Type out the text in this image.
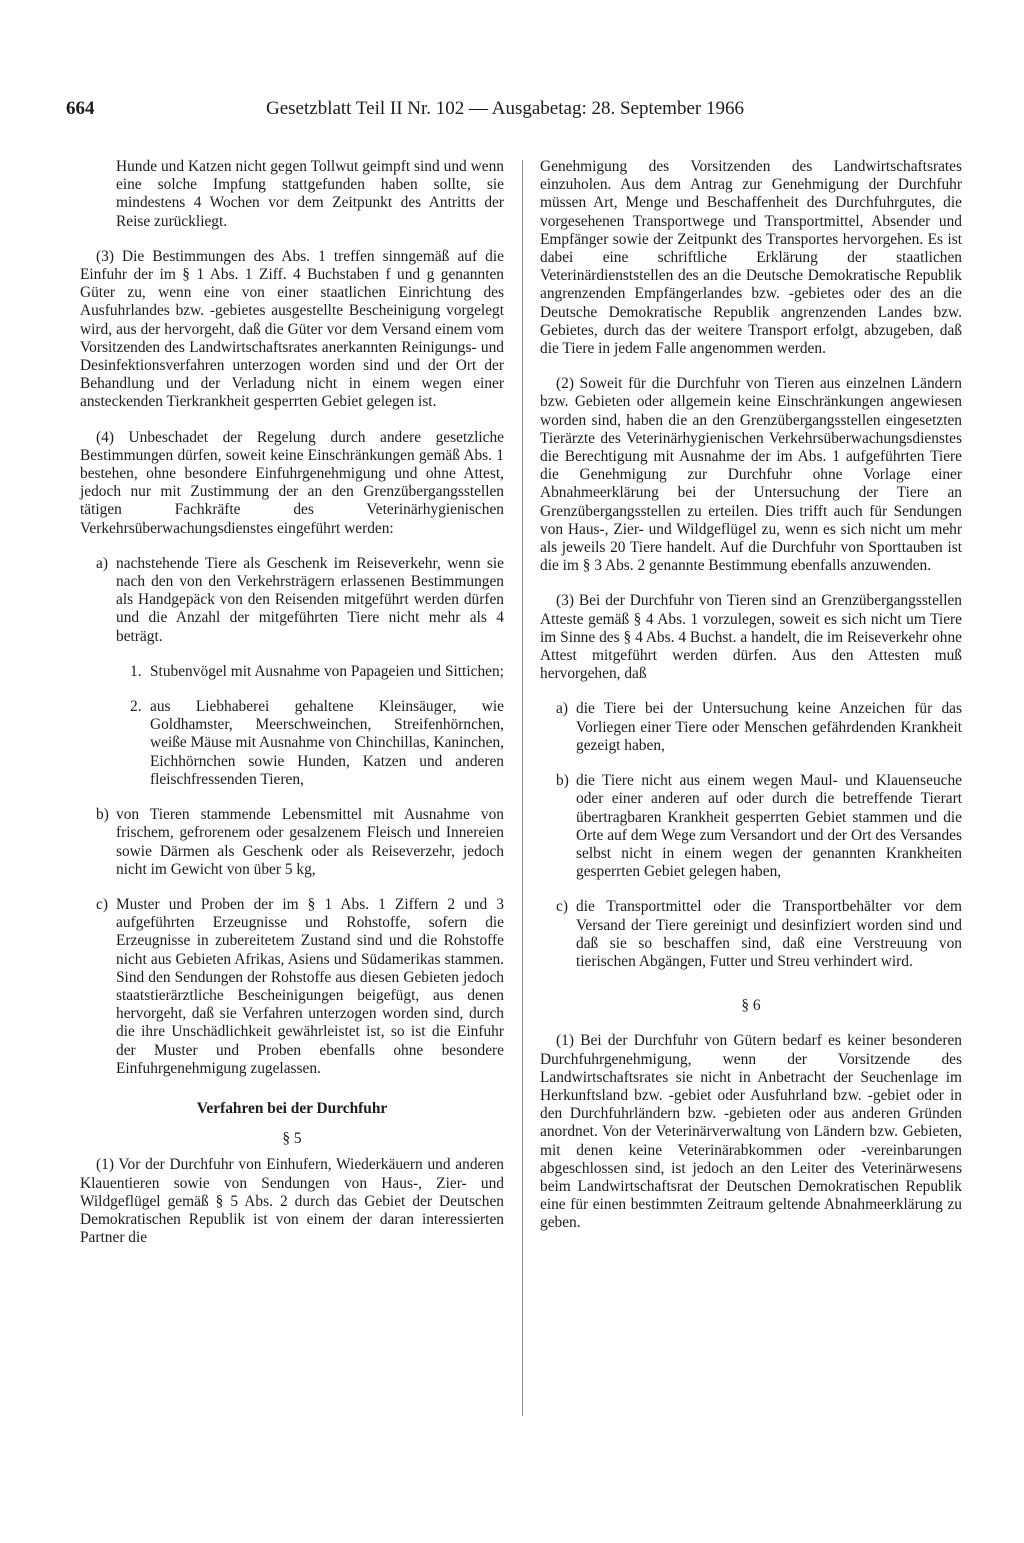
664	Gesetzblatt Teil II Nr. 102 — Ausgabetag: 28. September 1966

Hunde und Katzen nicht gegen Tollwut geimpft sind und wenn eine solche Impfung stattgefunden haben sollte, sie mindestens 4 Wochen vor dem Zeitpunkt des Antritts der Reise zurückliegt.

(3) Die Bestimmungen des Abs. 1 treffen sinngemäß auf die Einfuhr der im § 1 Abs. 1 Ziff. 4 Buchstaben f und g genannten Güter zu, wenn eine von einer staatlichen Einrichtung des Ausfuhrlandes bzw. -gebietes ausgestellte Bescheinigung vorgelegt wird, aus der hervorgeht, daß die Güter vor dem Versand einem vom Vorsitzenden des Landwirtschaftsrates anerkannten Reinigungs- und Desinfektionsverfahren unterzogen worden sind und der Ort der Behandlung und der Verladung nicht in einem wegen einer ansteckenden Tierkrankheit gesperrten Gebiet gelegen ist.

(4) Unbeschadet der Regelung durch andere gesetzliche Bestimmungen dürfen, soweit keine Einschränkungen gemäß Abs. 1 bestehen, ohne besondere Einfuhrgenehmigung und ohne Attest, jedoch nur mit Zustimmung der an den Grenzübergangsstellen tätigen Fachkräfte des Veterinärhygienischen Verkehrsüberwachungsdienstes eingeführt werden:

a) nachstehende Tiere als Geschenk im Reiseverkehr, wenn sie nach den von den Verkehrsträgern erlassenen Bestimmungen als Handgepäck von den Reisenden mitgeführt werden dürfen und die Anzahl der mitgeführten Tiere nicht mehr als 4 beträgt.
1. Stubenvögel mit Ausnahme von Papageien und Sittichen;
2. aus Liebhaberei gehaltene Kleinsäuger, wie Goldhamster, Meerschweinchen, Streifenhörnchen, weiße Mäuse mit Ausnahme von Chinchillas, Kaninchen, Eichhörnchen sowie Hunden, Katzen und anderen fleischfressenden Tieren,
b) von Tieren stammende Lebensmittel mit Ausnahme von frischem, gefrorenem oder gesalzenem Fleisch und Innereien sowie Därmen als Geschenk oder als Reiseverzehr, jedoch nicht im Gewicht von über 5 kg,
c) Muster und Proben der im § 1 Abs. 1 Ziffern 2 und 3 aufgeführten Erzeugnisse und Rohstoffe, sofern die Erzeugnisse in zubereitetem Zustand sind und die Rohstoffe nicht aus Gebieten Afrikas, Asiens und Südamerikas stammen. Sind den Sendungen der Rohstoffe aus diesen Gebieten jedoch staatstierärztliche Bescheinigungen beigefügt, aus denen hervorgeht, daß sie Verfahren unterzogen worden sind, durch die ihre Unschädlichkeit gewährleistet ist, so ist die Einfuhr der Muster und Proben ebenfalls ohne besondere Einfuhrgenehmigung zugelassen.
Verfahren bei der Durchfuhr
§ 5

(1) Vor der Durchfuhr von Einhufern, Wiederkäuern und anderen Klauentieren sowie von Sendungen von Haus-, Zier- und Wildgeflügel gemäß § 5 Abs. 2 durch das Gebiet der Deutschen Demokratischen Republik ist von einem der daran interessierten Partner die

Genehmigung des Vorsitzenden des Landwirtschaftsrates einzuholen. Aus dem Antrag zur Genehmigung der Durchfuhr müssen Art, Menge und Beschaffenheit des Durchfuhrgutes, die vorgesehenen Transportwege und Transportmittel, Absender und Empfänger sowie der Zeitpunkt des Transportes hervorgehen. Es ist dabei eine schriftliche Erklärung der staatlichen Veterinärdienststellen des an die Deutsche Demokratische Republik angrenzenden Empfängerlandes bzw. -gebietes oder des an die Deutsche Demokratische Republik angrenzenden Landes bzw. Gebietes, durch das der weitere Transport erfolgt, abzugeben, daß die Tiere in jedem Falle angenommen werden.

(2) Soweit für die Durchfuhr von Tieren aus einzelnen Ländern bzw. Gebieten oder allgemein keine Einschränkungen angewiesen worden sind, haben die an den Grenzübergangsstellen eingesetzten Tierärzte des Veterinärhygienischen Verkehrsüberwachungsdienstes die Berechtigung mit Ausnahme der im Abs. 1 aufgeführten Tiere die Genehmigung zur Durchfuhr ohne Vorlage einer Abnahmeerklärung bei der Untersuchung der Tiere an Grenzübergangsstellen zu erteilen. Dies trifft auch für Sendungen von Haus-, Zier- und Wildgeflügel zu, wenn es sich nicht um mehr als jeweils 20 Tiere handelt. Auf die Durchfuhr von Sporttauben ist die im § 3 Abs. 2 genannte Bestimmung ebenfalls anzuwenden.

(3) Bei der Durchfuhr von Tieren sind an Grenzübergangsstellen Atteste gemäß § 4 Abs. 1 vorzulegen, soweit es sich nicht um Tiere im Sinne des § 4 Abs. 4 Buchst. a handelt, die im Reiseverkehr ohne Attest mitgeführt werden dürfen. Aus den Attesten muß hervorgehen, daß

a) die Tiere bei der Untersuchung keine Anzeichen für das Vorliegen einer Tiere oder Menschen gefährdenden Krankheit gezeigt haben,
b) die Tiere nicht aus einem wegen Maul- und Klauenseuche oder einer anderen auf oder durch die betreffende Tierart übertragbaren Krankheit gesperrten Gebiet stammen und die Orte auf dem Wege zum Versandort und der Ort des Versandes selbst nicht in einem wegen der genannten Krankheiten gesperrten Gebiet gelegen haben,
c) die Transportmittel oder die Transportbehälter vor dem Versand der Tiere gereinigt und desinfiziert worden sind und daß sie so beschaffen sind, daß eine Verstreuung von tierischen Abgängen, Futter und Streu verhindert wird.
§ 6

(1) Bei der Durchfuhr von Gütern bedarf es keiner besonderen Durchfuhrgenehmigung, wenn der Vorsitzende des Landwirtschaftsrates sie nicht in Anbetracht der Seuchenlage im Herkunftsland bzw. -gebiet oder Ausfuhrland bzw. -gebiet oder in den Durchfuhrländern bzw. -gebieten oder aus anderen Gründen anordnet. Von der Veterinärverwaltung von Ländern bzw. Gebieten, mit denen keine Veterinärabkommen oder -vereinbarungen abgeschlossen sind, ist jedoch an den Leiter des Veterinärwesens beim Landwirtschaftsrat der Deutschen Demokratischen Republik eine für einen bestimmten Zeitraum geltende Abnahmeerklärung zu geben.
